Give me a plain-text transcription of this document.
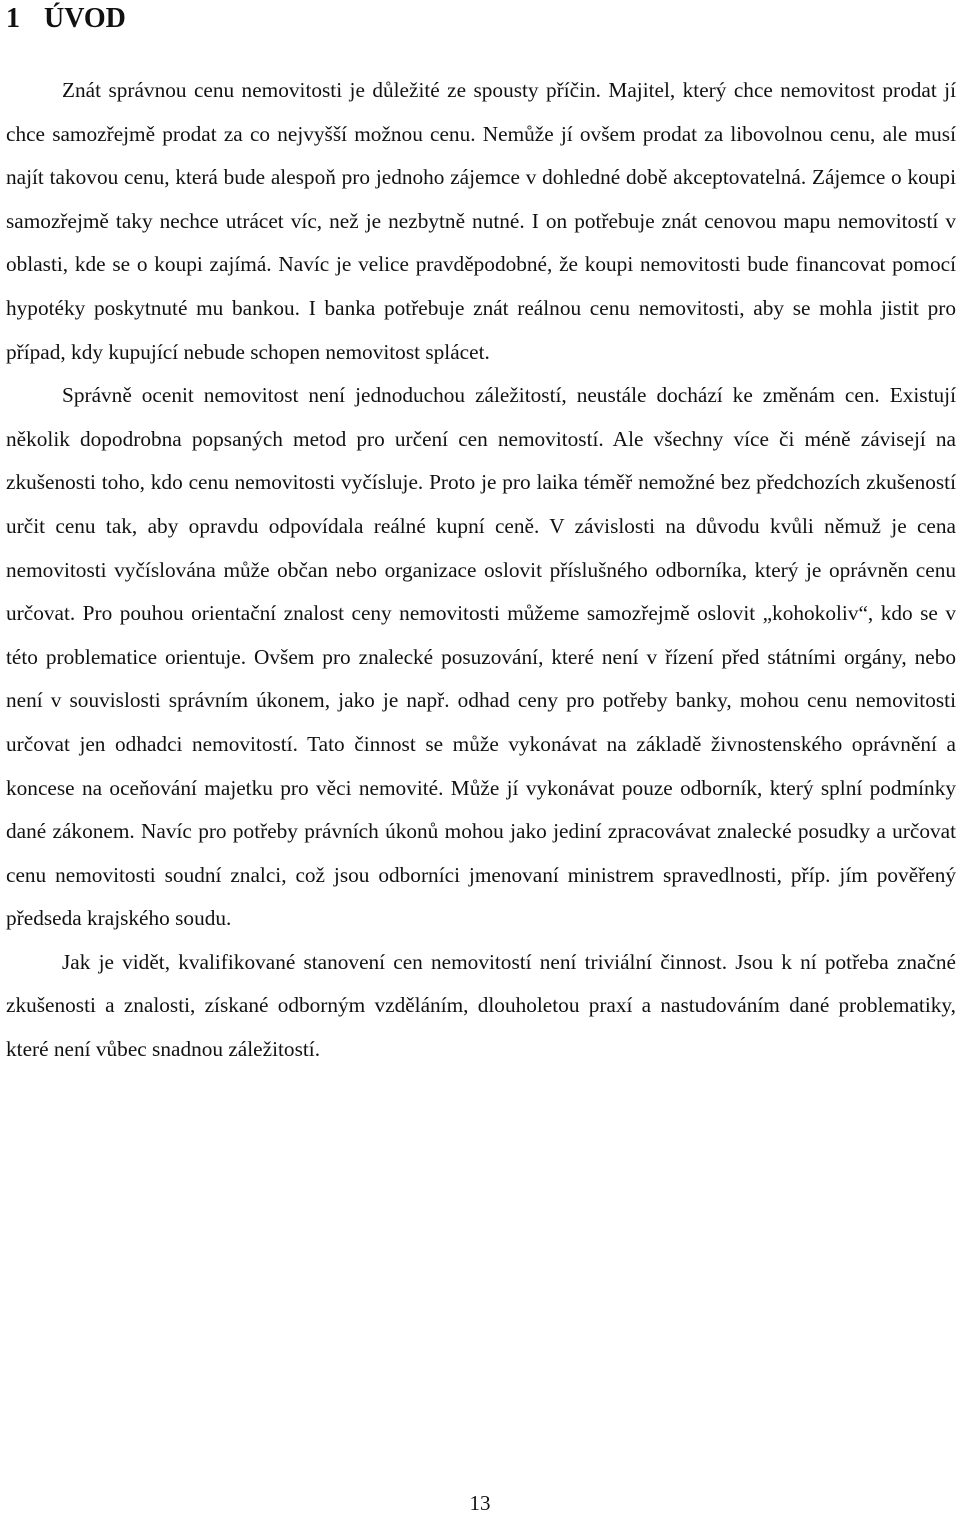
1 ÚVOD

Znát správnou cenu nemovitosti je důležité ze spousty příčin. Majitel, který chce nemovitost prodat jí chce samozřejmě prodat za co nejvyšší možnou cenu. Nemůže jí ovšem prodat za libovolnou cenu, ale musí najít takovou cenu, která bude alespoň pro jednoho zájemce v dohledné době akceptovatelná. Zájemce o koupi samozřejmě taky nechce utrácet víc, než je nezbytně nutné. I on potřebuje znát cenovou mapu nemovitostí v oblasti, kde se o koupi zajímá. Navíc je velice pravděpodobné, že koupi nemovitosti bude financovat pomocí hypotéky poskytnuté mu bankou. I banka potřebuje znát reálnou cenu nemovitosti, aby se mohla jistit pro případ, kdy kupující nebude schopen nemovitost splácet.

Správně ocenit nemovitost není jednoduchou záležitostí, neustále dochází ke změnám cen. Existují několik dopodrobna popsaných metod pro určení cen nemovitostí. Ale všechny více či méně závisejí na zkušenosti toho, kdo cenu nemovitosti vyčísluje. Proto je pro laika téměř nemožné bez předchozích zkušeností určit cenu tak, aby opravdu odpovídala reálné kupní ceně. V závislosti na důvodu kvůli němuž je cena nemovitosti vyčíslována může občan nebo organizace oslovit příslušného odborníka, který je oprávněn cenu určovat. Pro pouhou orientační znalost ceny nemovitosti můžeme samozřejmě oslovit „kohokoliv“, kdo se v této problematice orientuje. Ovšem pro znalecké posuzování, které není v řízení před státními orgány, nebo není v souvislosti správním úkonem, jako je např. odhad ceny pro potřeby banky, mohou cenu nemovitosti určovat jen odhadci nemovitostí. Tato činnost se může vykonávat na základě živnostenského oprávnění a koncese na oceňování majetku pro věci nemovité. Může jí vykonávat pouze odborník, který splní podmínky dané zákonem. Navíc pro potřeby právních úkonů mohou jako jediní zpracovávat znalecké posudky a určovat cenu nemovitosti soudní znalci, což jsou odborníci jmenovaní ministrem spravedlnosti, příp. jím pověřený předseda krajského soudu.

Jak je vidět, kvalifikované stanovení cen nemovitostí není triviální činnost. Jsou k ní potřeba značné zkušenosti a znalosti, získané odborným vzděláním, dlouholetou praxí a nastudováním dané problematiky, které není vůbec snadnou záležitostí.

13
